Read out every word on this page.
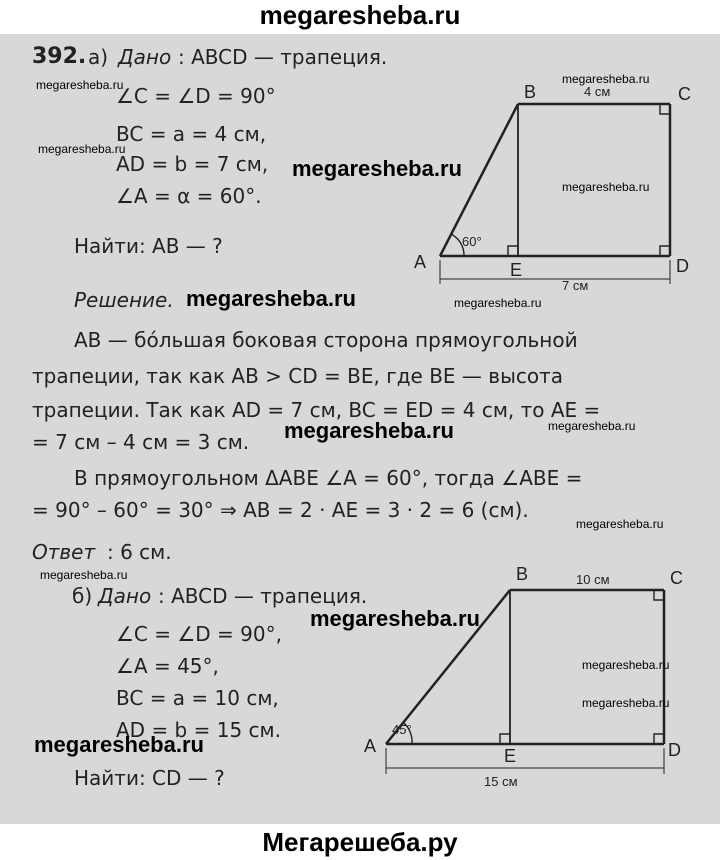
megaresheba.ru
392. а) Дано : ABCD — трапеция.
∠C = ∠D = 90°
BC = a = 4 см,
AD = b = 7 см,
∠A = α = 60°.
Найти: AB — ?
Решение.
AB — бóльшая боковая сторона прямоугольной
трапеции, так как AB > CD = BE, где BE — высота
трапеции. Так как AD = 7 см, BC = ED = 4 см, то AE =
= 7 см – 4 см = 3 см.
В прямоугольном ΔABE ∠A = 60°, тогда ∠ABE =
= 90° – 60° = 30° ⇒ AB = 2 · AE = 3 · 2 = 6 (см).
Ответ : 6 см.
б) Дано : ABCD — трапеция.
∠C = ∠D = 90°,
∠A = 45°,
BC = a = 10 см,
AD = b = 15 см.
Найти: CD — ?
B	C
A	E	D
4 см
7 см
60°
B	C
A	E	D
10 см
15 см
45°
megaresheba.ru	megaresheba.ru
megaresheba.ru
megaresheba.ru
megaresheba.ru
megaresheba.ru	megaresheba.ru
megaresheba.ru	megaresheba.ru
megaresheba.ru
megaresheba.ru
megaresheba.ru
megaresheba.ru
megaresheba.ru
megaresheba.ru
Мегарешеба.ру
